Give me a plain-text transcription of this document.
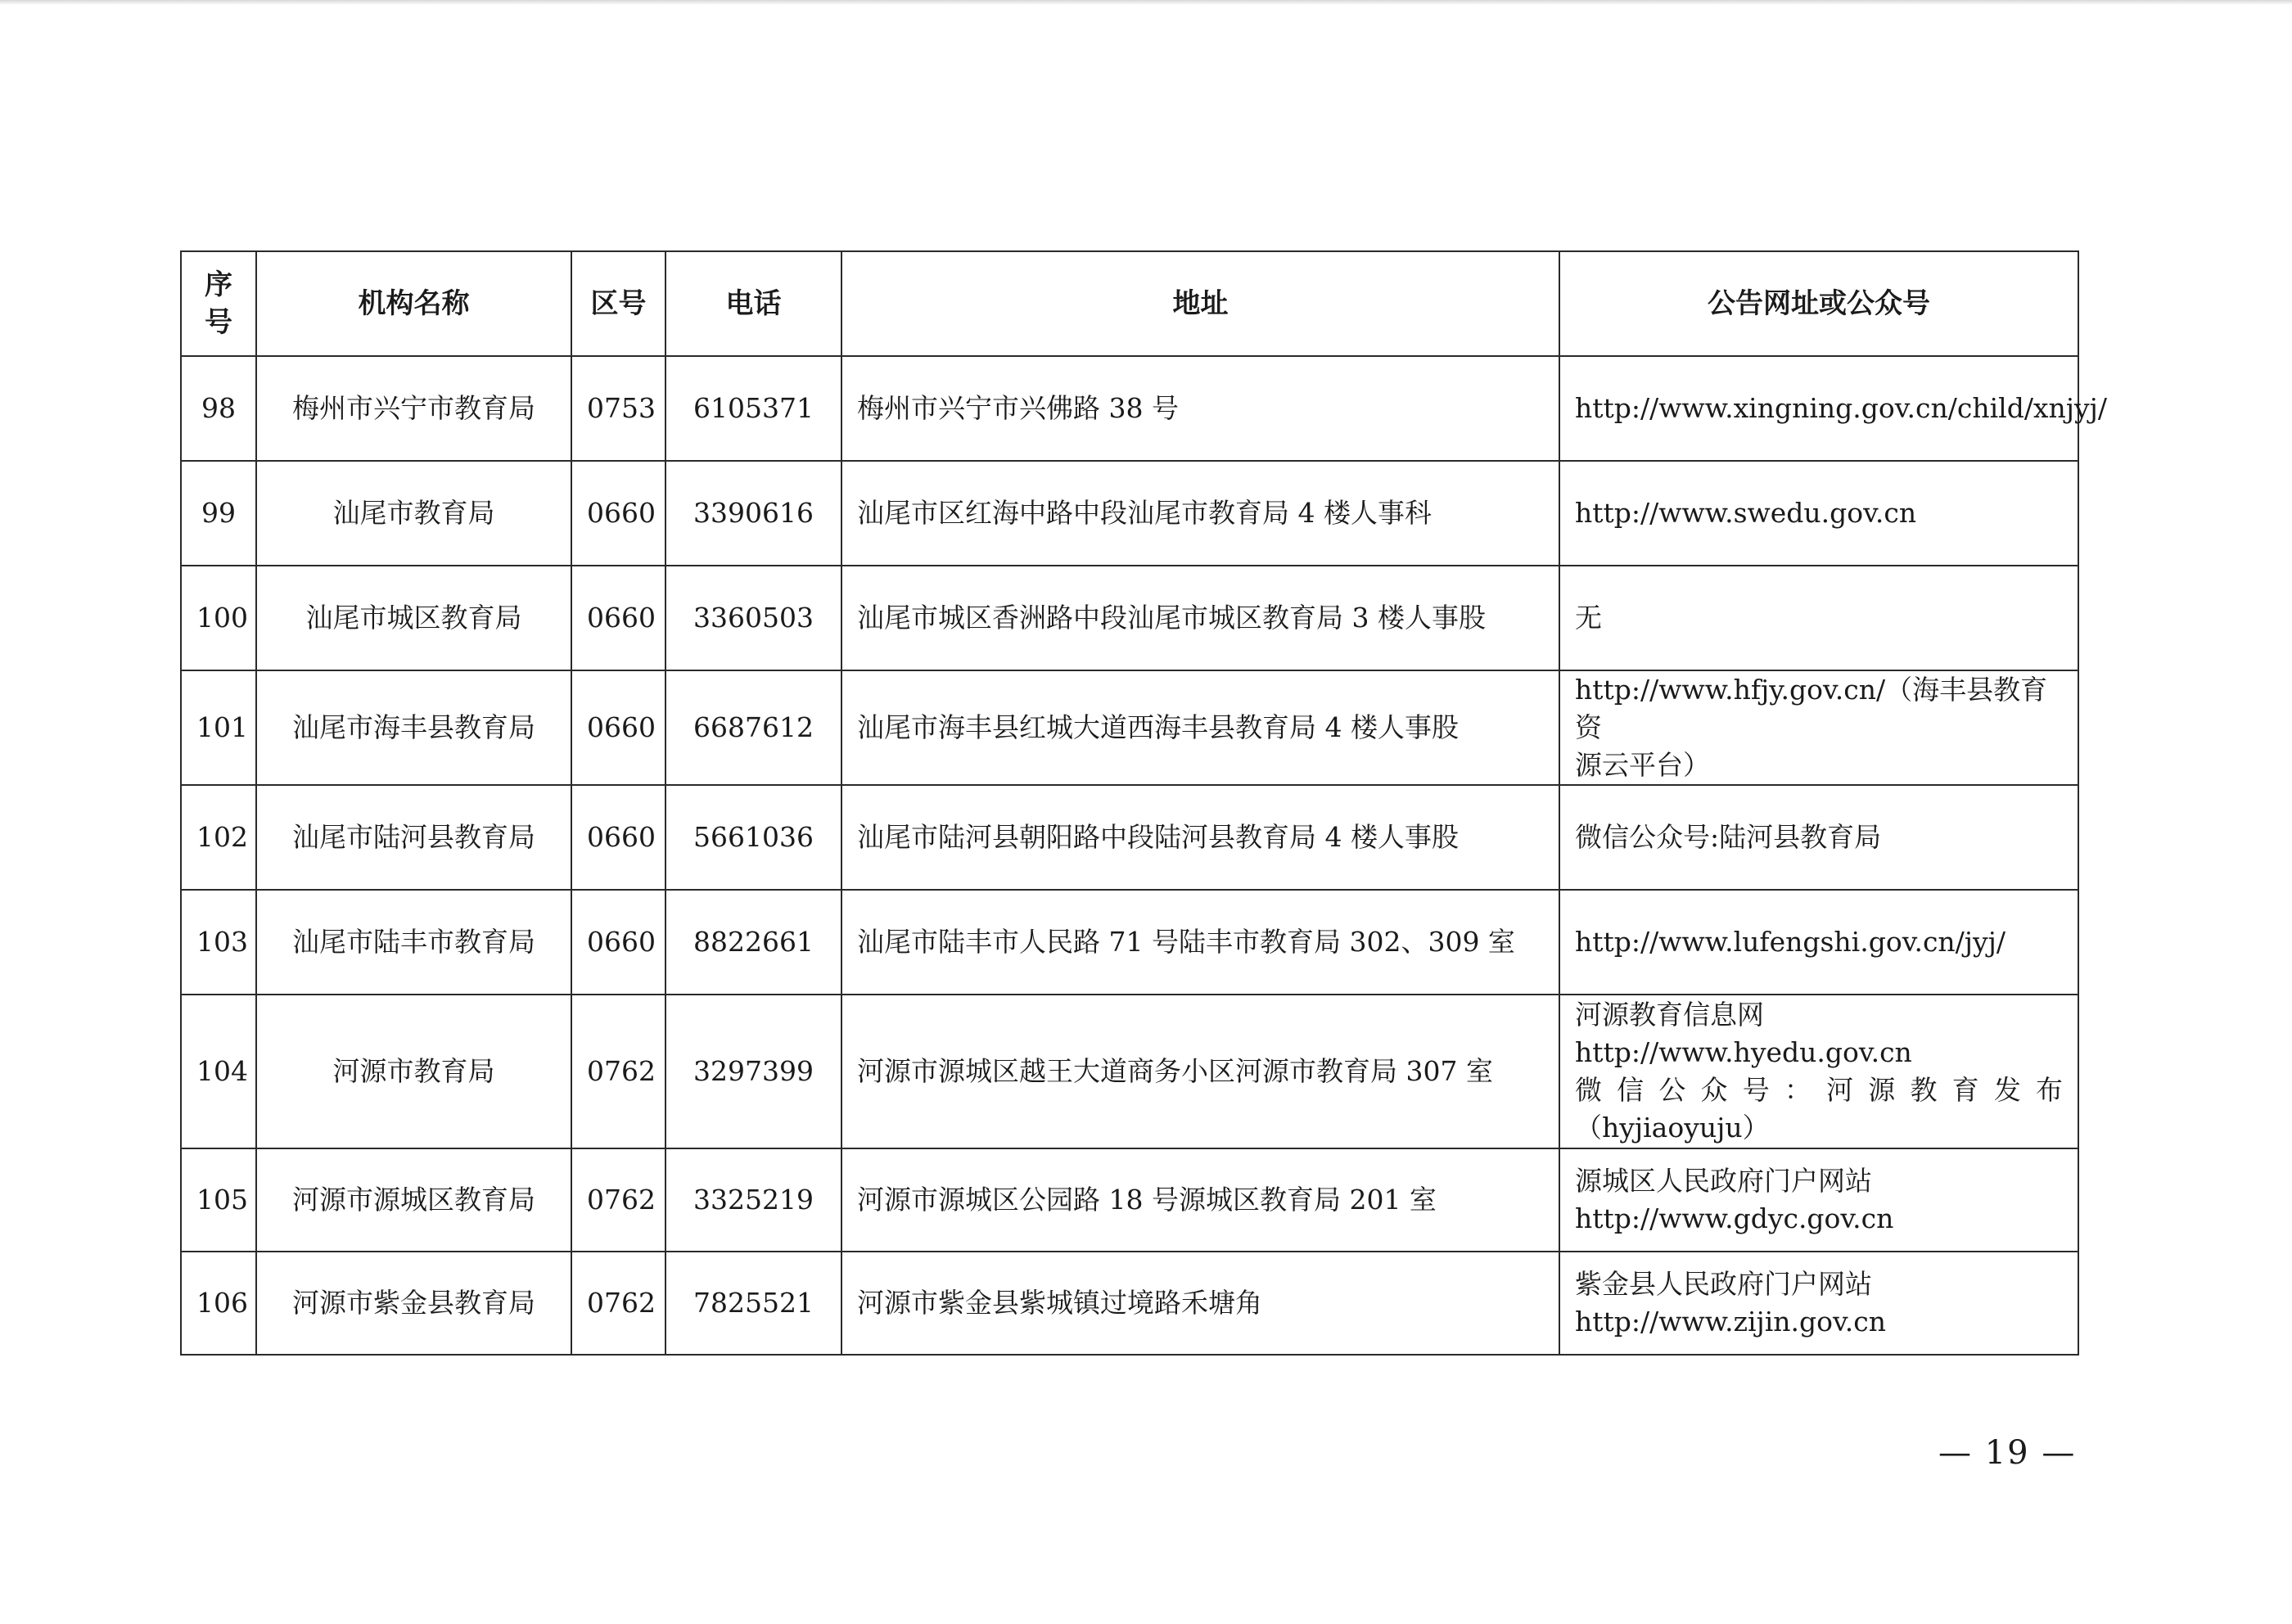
序
号	机构名称	区号	电话	地址	公告网址或公众号
98	梅州市兴宁市教育局	0753	6105371	梅州市兴宁市兴佛路 38 号	http://www.xingning.gov.cn/child/xnjyj/

99	汕尾市教育局	0660	3390616	汕尾市区红海中路中段汕尾市教育局 4 楼人事科	http://www.swedu.gov.cn

100	汕尾市城区教育局	0660	3360503	汕尾市城区香洲路中段汕尾市城区教育局 3 楼人事股	无

101	汕尾市海丰县教育局	0660	6687612	汕尾市海丰县红城大道西海丰县教育局 4 楼人事股	http://www.hfjy.gov.cn/（海丰县教育资
源云平台）

102	汕尾市陆河县教育局	0660	5661036	汕尾市陆河县朝阳路中段陆河县教育局 4 楼人事股	微信公众号:陆河县教育局

103	汕尾市陆丰市教育局	0660	8822661	汕尾市陆丰市人民路 71 号陆丰市教育局 302、309 室	http://www.lufengshi.gov.cn/jyj/

104	河源市教育局	0762	3297399	河源市源城区越王大道商务小区河源市教育局 307 室	河源教育信息网
http://www.hyedu.gov.cn
微信公众号：河源教育发布
（hyjiaoyuju）

105	河源市源城区教育局	0762	3325219	河源市源城区公园路 18 号源城区教育局 201 室	源城区人民政府门户网站
http://www.gdyc.gov.cn

106	河源市紫金县教育局	0762	7825521	河源市紫金县紫城镇过境路禾塘角	紫金县人民政府门户网站
http://www.zijin.gov.cn
— 19 —
